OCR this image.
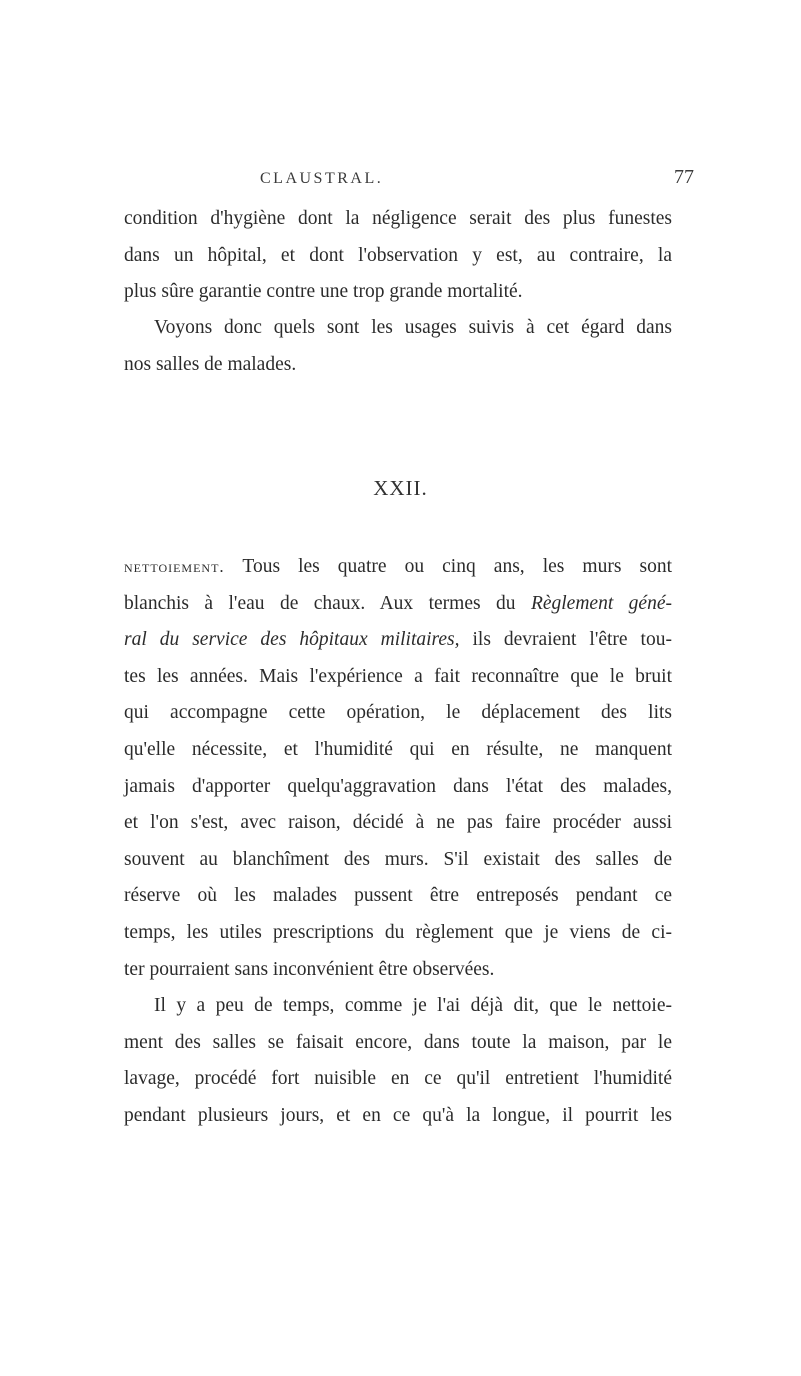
CLAUSTRAL.	77
condition d'hygiène dont la négligence serait des plus funestes
dans un hôpital, et dont l'observation y est, au contraire, la
plus sûre garantie contre une trop grande mortalité.
Voyons donc quels sont les usages suivis à cet égard dans
nos salles de malades.
XXII.
nettoiement. Tous les quatre ou cinq ans, les murs sont
blanchis à l'eau de chaux. Aux termes du Règlement géné-
ral du service des hôpitaux militaires, ils devraient l'être tou-
tes les années. Mais l'expérience a fait reconnaître que le bruit
qui accompagne cette opération, le déplacement des lits
qu'elle nécessite, et l'humidité qui en résulte, ne manquent
jamais d'apporter quelqu'aggravation dans l'état des malades,
et l'on s'est, avec raison, décidé à ne pas faire procéder aussi
souvent au blanchîment des murs. S'il existait des salles de
réserve où les malades pussent être entreposés pendant ce
temps, les utiles prescriptions du règlement que je viens de ci-
ter pourraient sans inconvénient être observées.
Il y a peu de temps, comme je l'ai déjà dit, que le nettoie-
ment des salles se faisait encore, dans toute la maison, par le
lavage, procédé fort nuisible en ce qu'il entretient l'humidité
pendant plusieurs jours, et en ce qu'à la longue, il pourrit les
